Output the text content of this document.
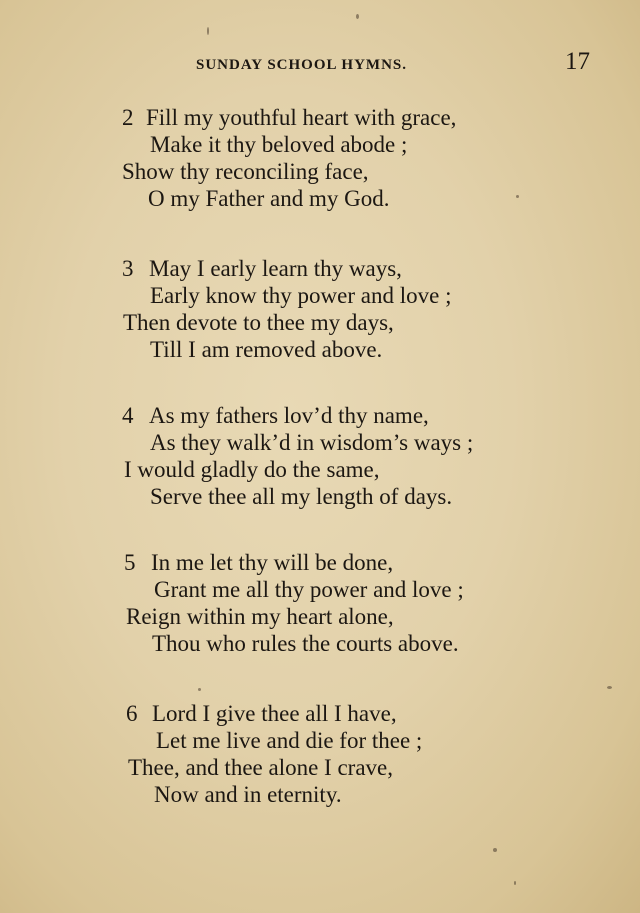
SUNDAY SCHOOL HYMNS.	17
2 Fill my youthful heart with grace,
Make it thy beloved abode ;
Show thy reconciling face,
O my Father and my God.
3 May I early learn thy ways,
Early know thy power and love ;
Then devote to thee my days,
Till I am removed above.
4 As my fathers lov’d thy name,
As they walk’d in wisdom’s ways ;
I would gladly do the same,
Serve thee all my length of days.
5 In me let thy will be done,
Grant me all thy power and love ;
Reign within my heart alone,
Thou who rules the courts above.
6 Lord I give thee all I have,
Let me live and die for thee ;
Thee, and thee alone I crave,
Now and in eternity.
